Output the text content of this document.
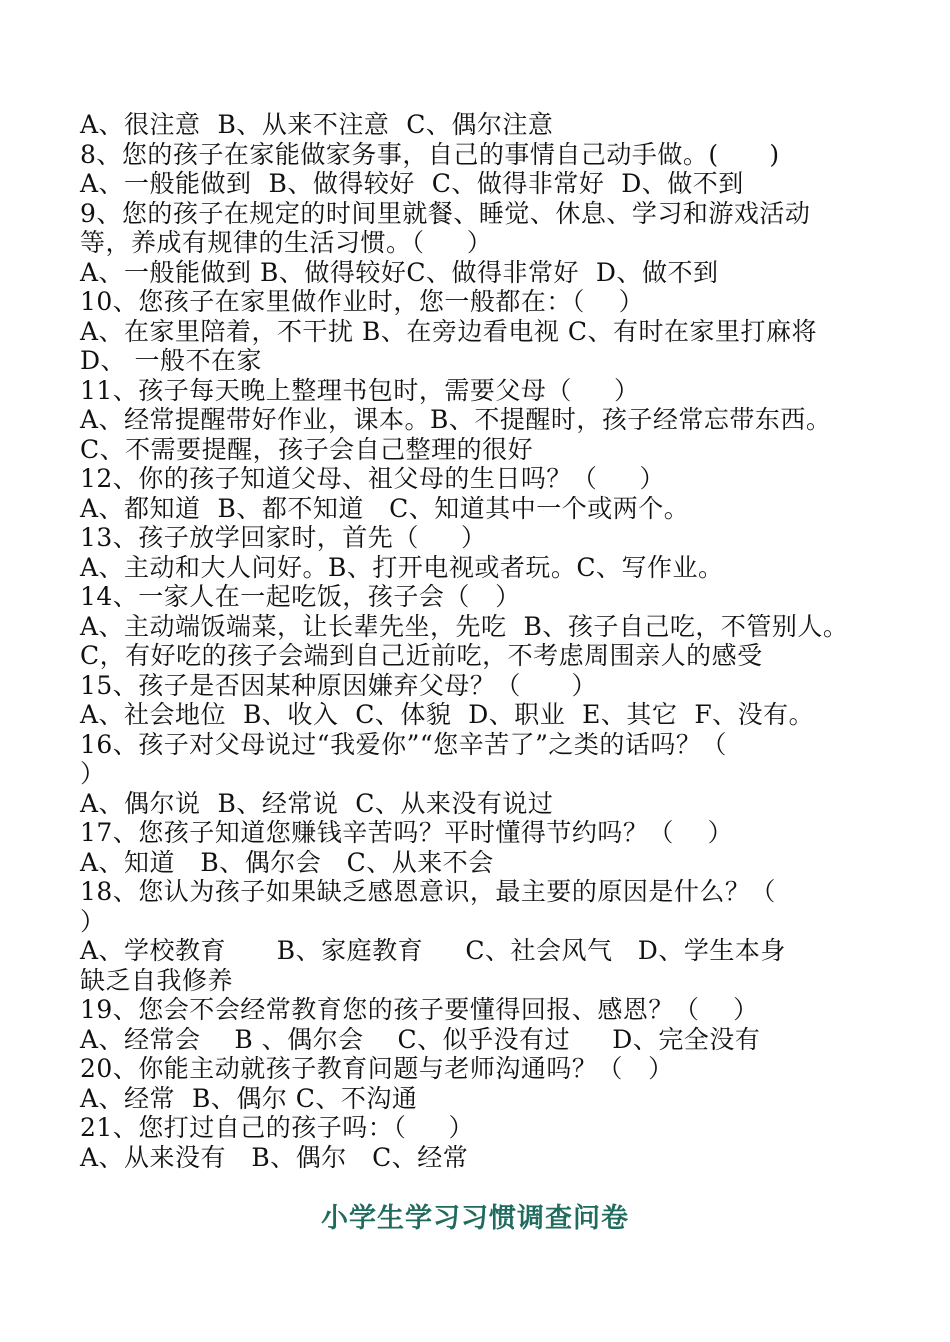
A、很注意  B、从来不注意  C、偶尔注意
8、您的孩子在家能做家务事，自己的事情自己动手做。(      )
A、一般能做到  B、做得较好  C、做得非常好  D、做不到
9、您的孩子在规定的时间里就餐、睡觉、休息、学习和游戏活动
等，养成有规律的生活习惯。（     ）
A、一般能做到 B、做得较好C、做得非常好  D、做不到
10、您孩子在家里做作业时，您一般都在：（    ）
A、在家里陪着，不干扰 B、在旁边看电视 C、有时在家里打麻将
D、 一般不在家
11、孩子每天晚上整理书包时，需要父母（     ）
A、经常提醒带好作业，课本。B、不提醒时，孩子经常忘带东西。
C、不需要提醒，孩子会自己整理的很好
12、你的孩子知道父母、祖父母的生日吗？（     ）
A、都知道  B、都不知道   C、知道其中一个或两个。
13、孩子放学回家时，首先（     ）
A、主动和大人问好。B、打开电视或者玩。C、写作业。
14、一家人在一起吃饭，孩子会（   ）
A、主动端饭端菜，让长辈先坐，先吃  B、孩子自己吃，不管别人。
C，有好吃的孩子会端到自己近前吃，不考虑周围亲人的感受
15、孩子是否因某种原因嫌弃父母？（      ）
A、社会地位  B、收入  C、体貌  D、职业  E、其它  F、没有。
16、孩子对父母说过“我爱你”“您辛苦了”之类的话吗？（
）
A、偶尔说  B、经常说  C、从来没有说过
17、您孩子知道您赚钱辛苦吗？平时懂得节约吗？（    ）
A、知道   B、偶尔会   C、从来不会
18、您认为孩子如果缺乏感恩意识，最主要的原因是什么？（
）
A、学校教育      B、家庭教育     C、社会风气   D、学生本身
缺乏自我修养
19、您会不会经常教育您的孩子要懂得回报、感恩？（    ）
A、经常会    B 、偶尔会    C、似乎没有过     D、完全没有
20、你能主动就孩子教育问题与老师沟通吗？（   ）
A、经常  B、偶尔 C、不沟通
21、您打过自己的孩子吗：（     ）
A、从来没有   B、偶尔   C、经常
小学生学习习惯调查问卷
